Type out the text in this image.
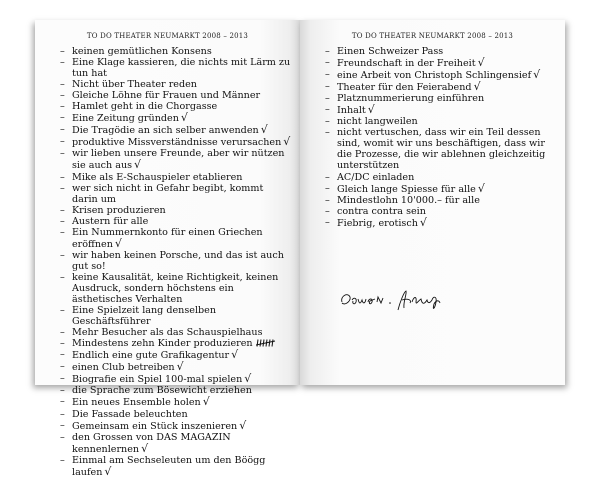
TO DO THEATER NEUMARKT 2008 – 2013
– keinen gemütlichen Konsens
– Eine Klage kassieren, die nichts mit Lärm zu tun hat
– Nicht über Theater reden
– Gleiche Löhne für Frauen und Männer
– Hamlet geht in die Chorgasse
– Eine Zeitung gründen √
– Die Tragödie an sich selber anwenden √
– produktive Missverständnisse verursachen √
– wir lieben unsere Freunde, aber wir nützen sie auch aus √
– Mike als E-Schauspieler etablieren
– wer sich nicht in Gefahr begibt, kommt darin um
– Krisen produzieren
– Austern für alle
– Ein Nummernkonto für einen Griechen eröffnen √
– wir haben keinen Porsche, und das ist auch gut so!
– keine Kausalität, keine Richtigkeit, keinen Ausdruck, sondern höchstens ein ästhetisches Verhalten
– Eine Spielzeit lang denselben Geschäftsführer
– Mehr Besucher als das Schauspielhaus
– Mindestens zehn Kinder produzieren
– Endlich eine gute Grafikagentur √
– einen Club betreiben √
– Biografie ein Spiel 100-mal spielen √
– die Sprache zum Bösewicht erziehen
– Ein neues Ensemble holen √
– Die Fassade beleuchten
– Gemeinsam ein Stück inszenieren √
– den Grossen von DAS MAGAZIN kennenlernen √
– Einmal am Sechseleuten um den Böögg laufen √
TO DO THEATER NEUMARKT 2008 – 2013
– Einen Schweizer Pass
– Freundschaft in der Freiheit √
– eine Arbeit von Christoph Schlingensief √
– Theater für den Feierabend √
– Platznummerierung einführen
– Inhalt √
– nicht langweilen
– nicht vertuschen, dass wir ein Teil dessen sind, womit wir uns beschäftigen, dass wir die Prozesse, die wir ablehnen gleichzeitig unterstützen
– AC/DC einladen
– Gleich lange Spiesse für alle √
– Mindestlohn 10'000.– für alle
– contra contra sein
– Fiebrig, erotisch √
